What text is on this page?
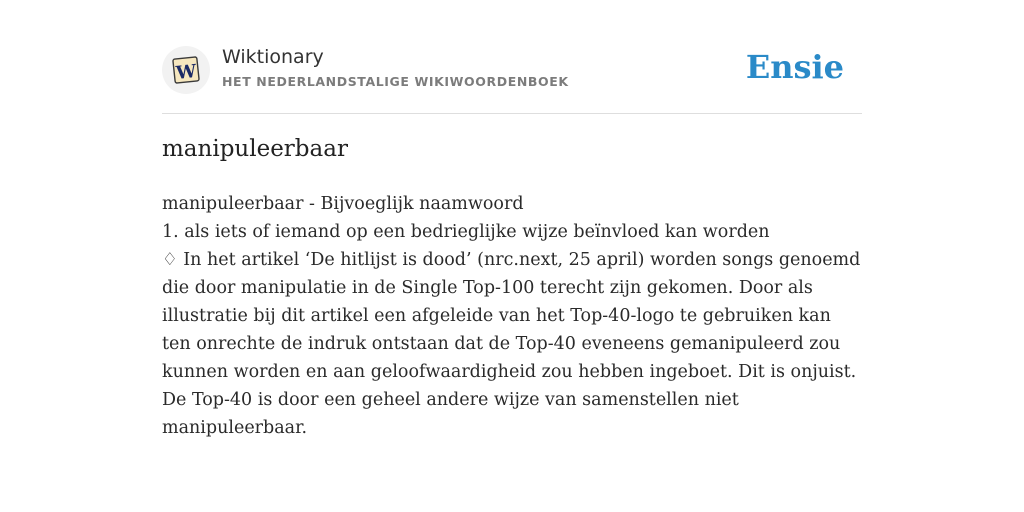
W
Wiktionary
HET NEDERLANDSTALIGE WIKIWOORDENBOEK	Ensie
manipuleerbaar

manipuleerbaar - Bijvoeglijk naamwoord

1. als iets of iemand op een bedrieglijke wijze beïnvloed kan worden

♢ In het artikel ‘De hitlijst is dood’ (nrc.next, 25 april) worden songs genoemd die door manipulatie in de Single Top-100 terecht zijn gekomen. Door als illustratie bij dit artikel een afgeleide van het Top-40-logo te gebruiken kan ten onrechte de indruk ontstaan dat de Top-40 eveneens gemanipuleerd zou kunnen worden en aan geloofwaardigheid zou hebben ingeboet. Dit is onjuist. De Top-40 is door een geheel andere wijze van samenstellen niet manipuleerbaar.
